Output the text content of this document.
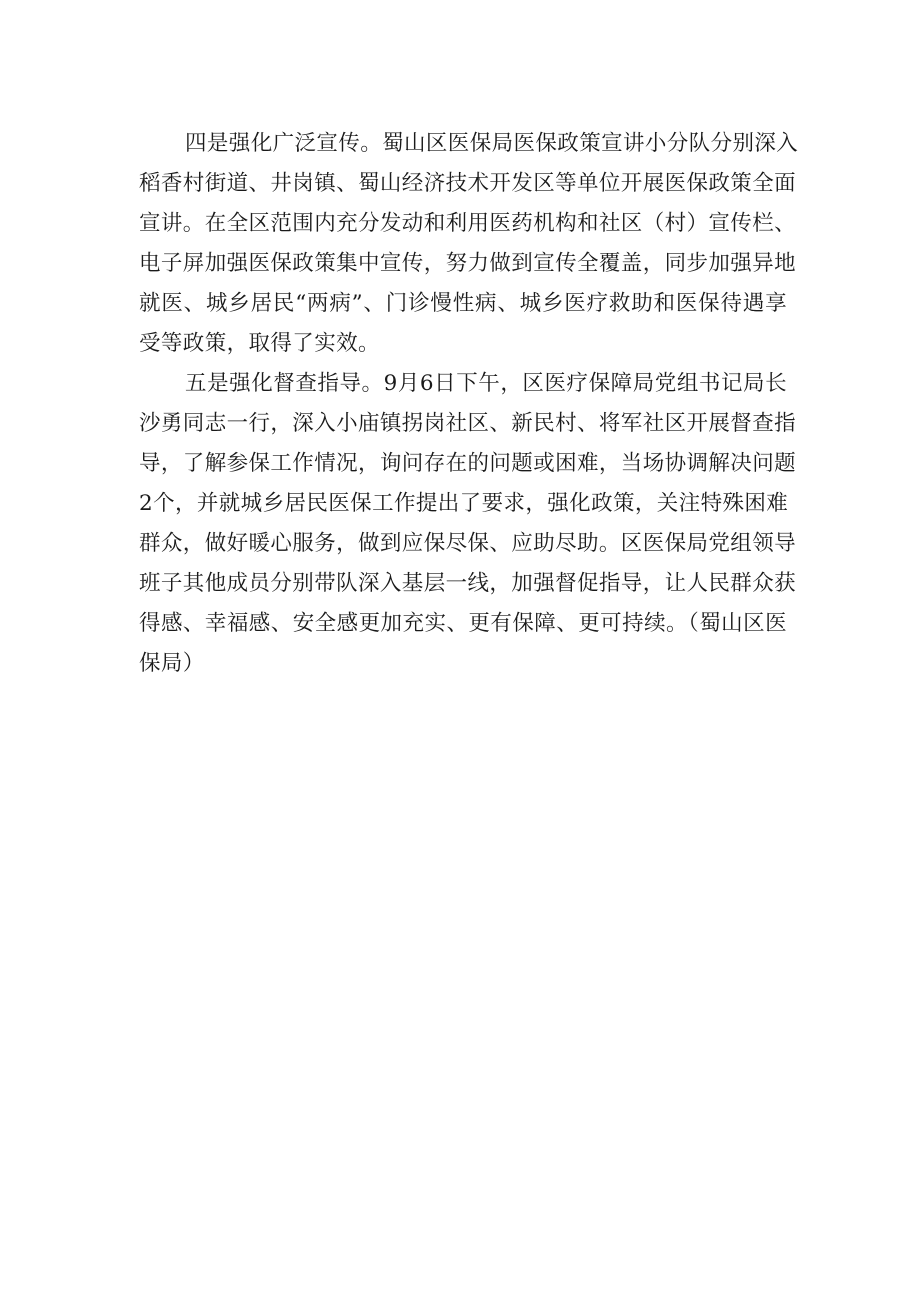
四是强化广泛宣传。蜀山区医保局医保政策宣讲小分队分别深入
稻香村街道、井岗镇、蜀山经济技术开发区等单位开展医保政策全面
宣讲。在全区范围内充分发动和利用医药机构和社区（村）宣传栏、
电子屏加强医保政策集中宣传，努力做到宣传全覆盖，同步加强异地
就医、城乡居民“两病”、门诊慢性病、城乡医疗救助和医保待遇享
受等政策，取得了实效。
五是强化督查指导。9月6日下午，区医疗保障局党组书记局长
沙勇同志一行，深入小庙镇拐岗社区、新民村、将军社区开展督查指
导，了解参保工作情况，询问存在的问题或困难，当场协调解决问题
2个，并就城乡居民医保工作提出了要求，强化政策，关注特殊困难
群众，做好暖心服务，做到应保尽保、应助尽助。区医保局党组领导
班子其他成员分别带队深入基层一线，加强督促指导，让人民群众获
得感、幸福感、安全感更加充实、更有保障、更可持续。（蜀山区医
保局）
